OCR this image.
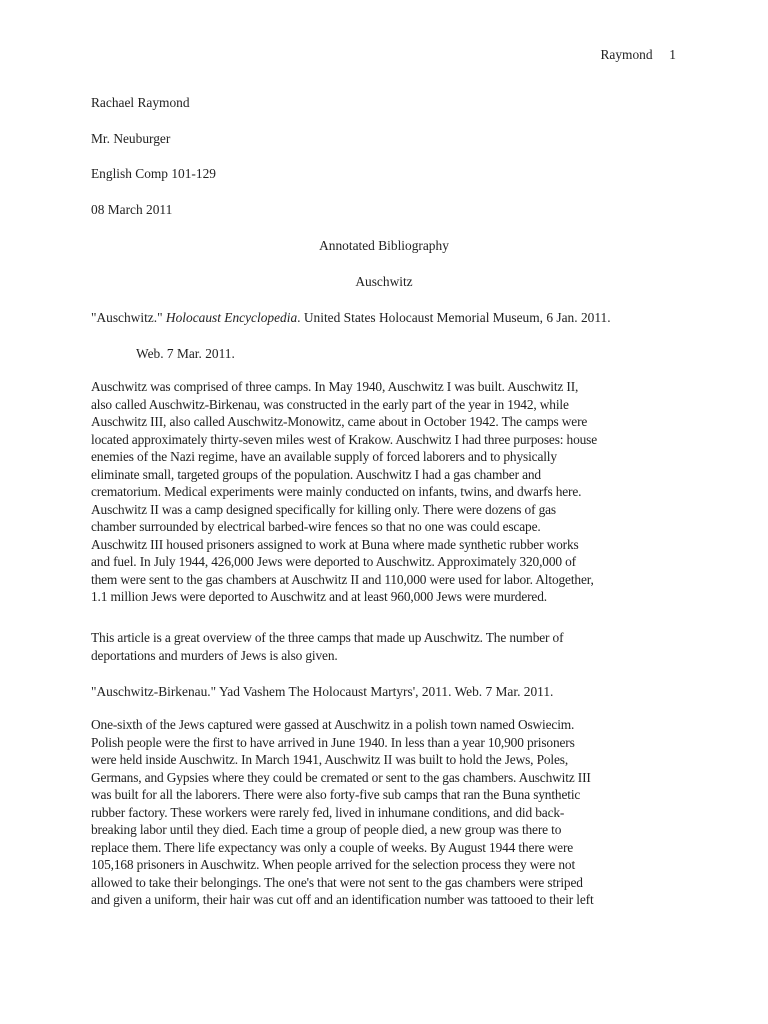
Raymond 1
Rachael Raymond
Mr. Neuburger
English Comp 101-129
08 March 2011
Annotated Bibliography
Auschwitz
"Auschwitz." Holocaust Encyclopedia. United States Holocaust Memorial Museum, 6 Jan. 2011.
Web. 7 Mar. 2011.
Auschwitz was comprised of three camps. In May 1940, Auschwitz I was built. Auschwitz II,
also called Auschwitz-Birkenau, was constructed in the early part of the year in 1942, while
Auschwitz III, also called Auschwitz-Monowitz, came about in October 1942. The camps were
located approximately thirty-seven miles west of Krakow. Auschwitz I had three purposes: house
enemies of the Nazi regime, have an available supply of forced laborers and to physically
eliminate small, targeted groups of the population. Auschwitz I had a gas chamber and
crematorium. Medical experiments were mainly conducted on infants, twins, and dwarfs here.
Auschwitz II was a camp designed specifically for killing only. There were dozens of gas
chamber surrounded by electrical barbed-wire fences so that no one was could escape.
Auschwitz III housed prisoners assigned to work at Buna where made synthetic rubber works
and fuel. In July 1944, 426,000 Jews were deported to Auschwitz. Approximately 320,000 of
them were sent to the gas chambers at Auschwitz II and 110,000 were used for labor. Altogether,
1.1 million Jews were deported to Auschwitz and at least 960,000 Jews were murdered.
This article is a great overview of the three camps that made up Auschwitz. The number of
deportations and murders of Jews is also given.
"Auschwitz-Birkenau." Yad Vashem The Holocaust Martyrs', 2011. Web. 7 Mar. 2011.
One-sixth of the Jews captured were gassed at Auschwitz in a polish town named Oswiecim.
Polish people were the first to have arrived in June 1940. In less than a year 10,900 prisoners
were held inside Auschwitz. In March 1941, Auschwitz II was built to hold the Jews, Poles,
Germans, and Gypsies where they could be cremated or sent to the gas chambers. Auschwitz III
was built for all the laborers. There were also forty-five sub camps that ran the Buna synthetic
rubber factory. These workers were rarely fed, lived in inhumane conditions, and did back-
breaking labor until they died. Each time a group of people died, a new group was there to
replace them. There life expectancy was only a couple of weeks. By August 1944 there were
105,168 prisoners in Auschwitz. When people arrived for the selection process they were not
allowed to take their belongings. The one's that were not sent to the gas chambers were striped
and given a uniform, their hair was cut off and an identification number was tattooed to their left
